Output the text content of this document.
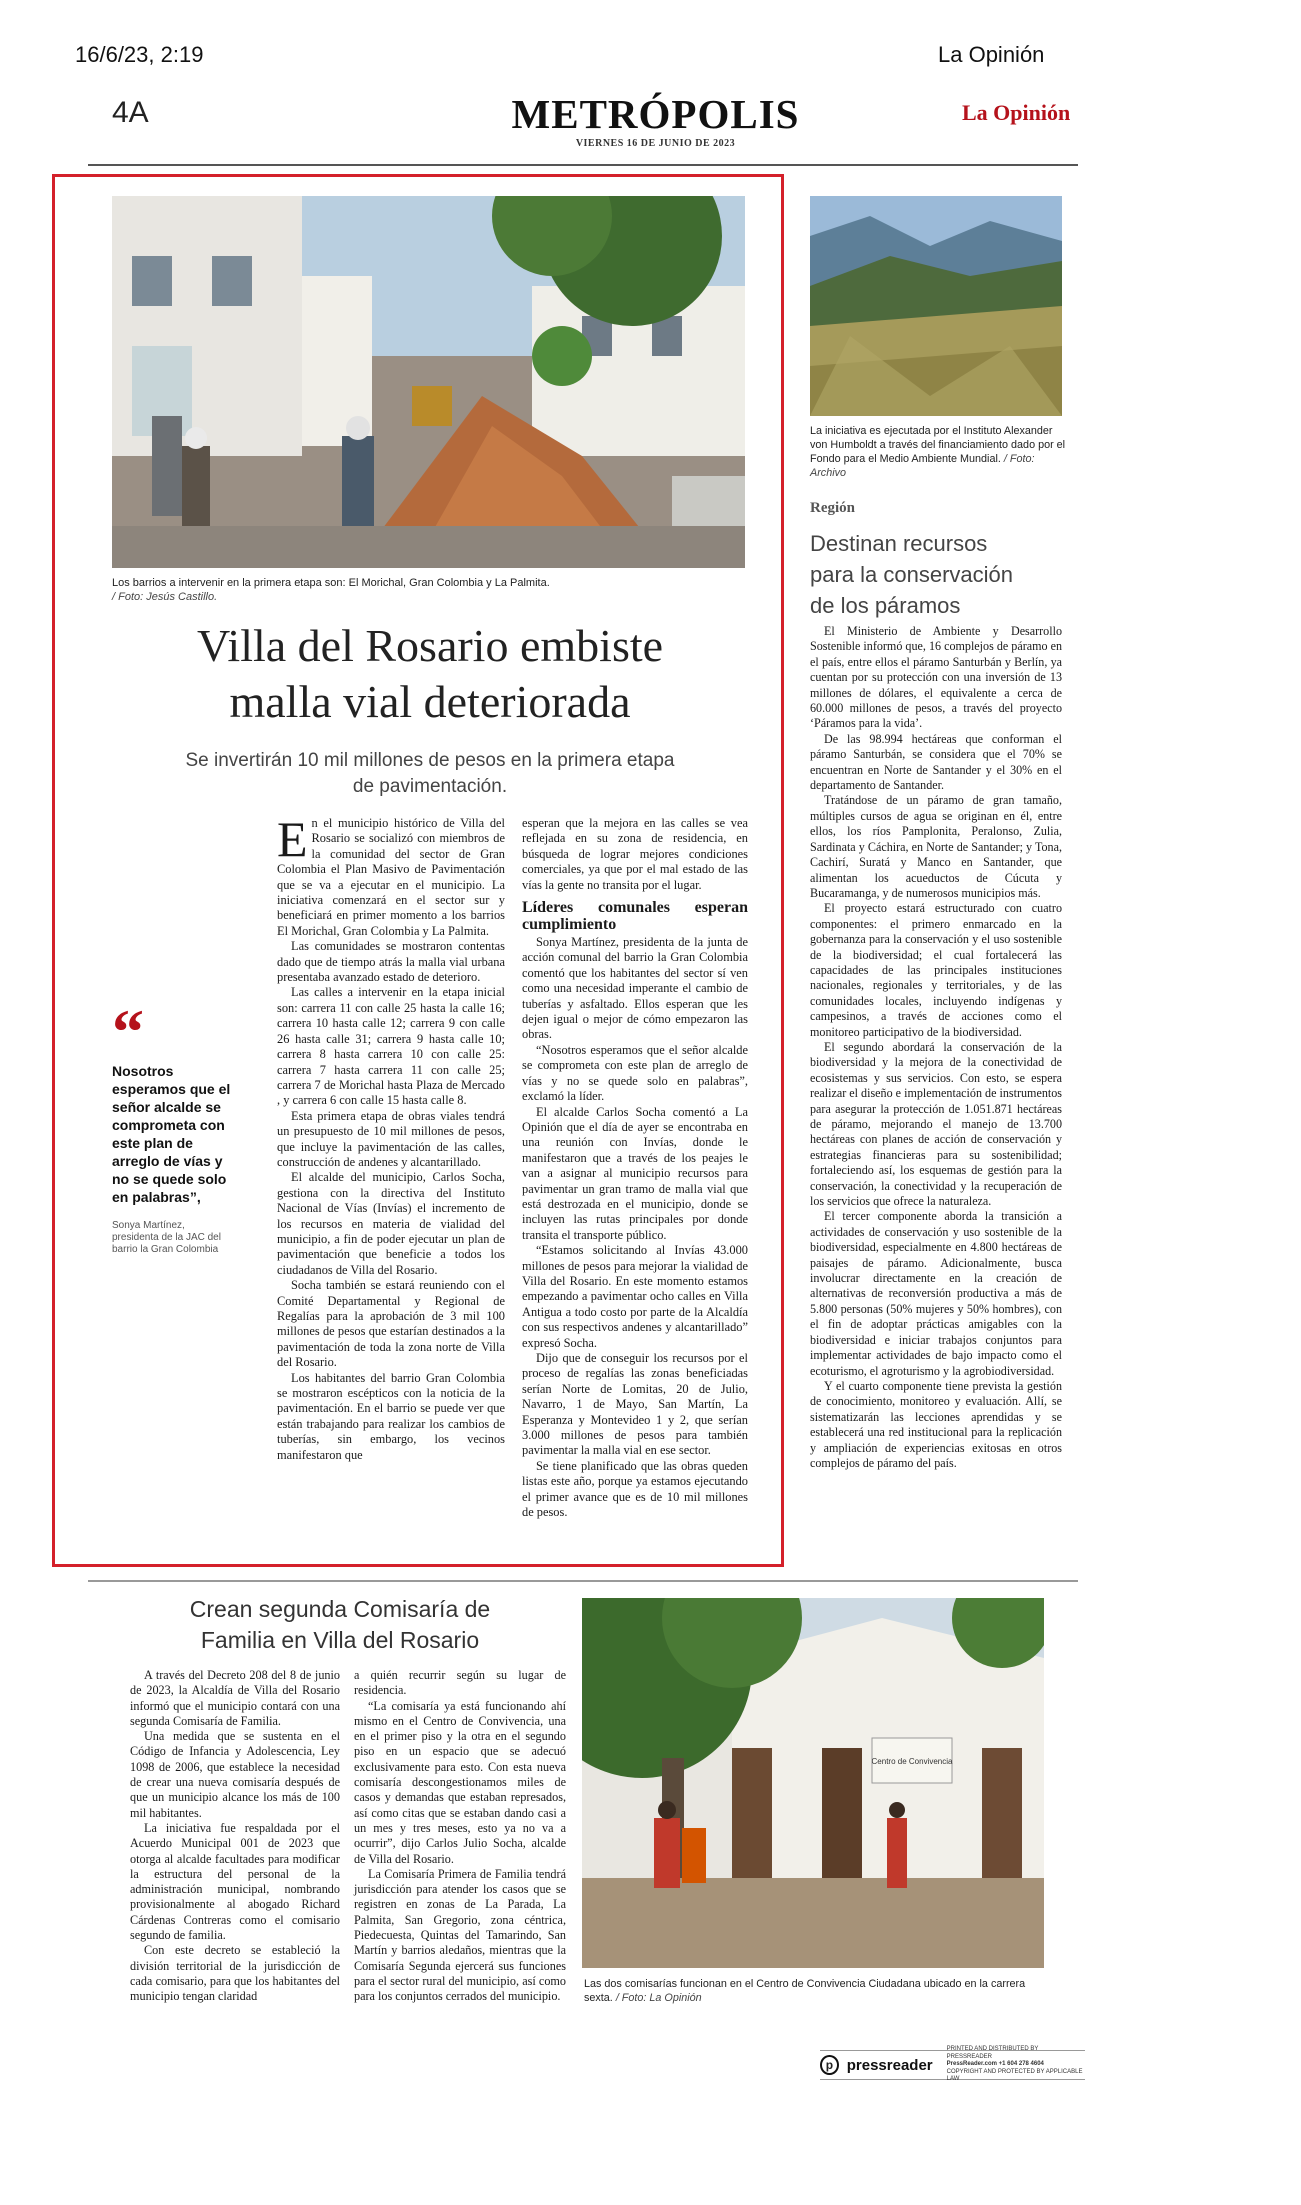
16/6/23, 2:19	La Opinión
4A	METRÓPOLIS
VIERNES 16 DE JUNIO DE 2023
La Opinión
Los barrios a intervenir en la primera etapa son: El Morichal, Gran Colombia y La Palmita.
/ Foto: Jesús Castillo.
Villa del Rosario embiste
malla vial deteriorada
Se invertirán 10 mil millones de pesos en la primera etapa
de pavimentación.
“
Nosotros esperamos que el señor alcalde se comprometa con este plan de arreglo de vías y no se quede solo en palabras”,
Sonya Martínez,
presidenta de la JAC del barrio la Gran Colombia
E n el municipio histórico de Villa del Rosario se socializó con miembros de la comunidad del sector de Gran Colombia el Plan Masivo de Pavimentación que se va a ejecutar en el municipio. La iniciativa comenzará en el sector sur y beneficiará en primer momento a los barrios El Morichal, Gran Colombia y La Palmita.

Las comunidades se mostraron contentas dado que de tiempo atrás la malla vial urbana presentaba avanzado estado de deterioro.

Las calles a intervenir en la etapa inicial son: carrera 11 con calle 25 hasta la calle 16; carrera 10 hasta calle 12; carrera 9 con calle 26 hasta calle 31; carrera 9 hasta calle 10; carrera 8 hasta carrera 10 con calle 25: carrera 7 hasta carrera 11 con calle 25; carrera 7 de Morichal hasta Plaza de Mercado , y carrera 6 con calle 15 hasta calle 8.

Esta primera etapa de obras viales tendrá un presupuesto de 10 mil millones de pesos, que incluye la pavimentación de las calles, construcción de andenes y alcantarillado.

El alcalde del municipio, Carlos Socha, gestiona con la directiva del Instituto Nacional de Vías (Invías) el incremento de los recursos en materia de vialidad del municipio, a fin de poder ejecutar un plan de pavimentación que beneficie a todos los ciudadanos de Villa del Rosario.

Socha también se estará reuniendo con el Comité Departamental y Regional de Regalías para la aprobación de 3 mil 100 millones de pesos que estarían destinados a la pavimentación de toda la zona norte de Villa del Rosario.

Los habitantes del barrio Gran Colombia se mostraron escépticos con la noticia de la pavimentación. En el barrio se puede ver que están trabajando para realizar los cambios de tuberías, sin embargo, los vecinos manifestaron que

esperan que la mejora en las calles se vea reflejada en su zona de residencia, en búsqueda de lograr mejores condiciones comerciales, ya que por el mal estado de las vías la gente no transita por el lugar.

Líderes comunales esperan cumplimiento

Sonya Martínez, presidenta de la junta de acción comunal del barrio la Gran Colombia comentó que los habitantes del sector sí ven como una necesidad imperante el cambio de tuberías y asfaltado. Ellos esperan que les dejen igual o mejor de cómo empezaron las obras.

“Nosotros esperamos que el señor alcalde se comprometa con este plan de arreglo de vías y no se quede solo en palabras”, exclamó la líder.

El alcalde Carlos Socha comentó a La Opinión que el día de ayer se encontraba en una reunión con Invías, donde le manifestaron que a través de los peajes le van a asignar al municipio recursos para pavimentar un gran tramo de malla vial que está destrozada en el municipio, donde se incluyen las rutas principales por donde transita el transporte público.

“Estamos solicitando al Invías 43.000 millones de pesos para mejorar la vialidad de Villa del Rosario. En este momento estamos empezando a pavimentar ocho calles en Villa Antigua a todo costo por parte de la Alcaldía con sus respectivos andenes y alcantarillado” expresó Socha.

Dijo que de conseguir los recursos por el proceso de regalías las zonas beneficiadas serían Norte de Lomitas, 20 de Julio, Navarro, 1 de Mayo, San Martín, La Esperanza y Montevideo 1 y 2, que serían 3.000 millones de pesos para también pavimentar la malla vial en ese sector.

Se tiene planificado que las obras queden listas este año, porque ya estamos ejecutando el primer avance que es de 10 mil millones de pesos.

La iniciativa es ejecutada por el Instituto Alexander von Humboldt a través del financiamiento dado por el Fondo para el Medio Ambiente Mundial. / Foto: Archivo
Región
Destinan recursos
para la conservación
de los páramos

El Ministerio de Ambiente y Desarrollo Sostenible informó que, 16 complejos de páramo en el país, entre ellos el páramo Santurbán y Berlín, ya cuentan por su protección con una inversión de 13 millones de dólares, el equivalente a cerca de 60.000 millones de pesos, a través del proyecto ‘Páramos para la vida’.

De las 98.994 hectáreas que conforman el páramo Santurbán, se considera que el 70% se encuentran en Norte de Santander y el 30% en el departamento de Santander.

Tratándose de un páramo de gran tamaño, múltiples cursos de agua se originan en él, entre ellos, los ríos Pamplonita, Peralonso, Zulia, Sardinata y Cáchira, en Norte de Santander; y Tona, Cachirí, Suratá y Manco en Santander, que alimentan los acueductos de Cúcuta y Bucaramanga, y de numerosos municipios más.

El proyecto estará estructurado con cuatro componentes: el primero enmarcado en la gobernanza para la conservación y el uso sostenible de la biodiversidad; el cual fortalecerá las capacidades de las principales instituciones nacionales, regionales y territoriales, y de las comunidades locales, incluyendo indígenas y campesinos, a través de acciones como el monitoreo participativo de la biodiversidad.

El segundo abordará la conservación de la biodiversidad y la mejora de la conectividad de ecosistemas y sus servicios. Con esto, se espera realizar el diseño e implementación de instrumentos para asegurar la protección de 1.051.871 hectáreas de páramo, mejorando el manejo de 13.700 hectáreas con planes de acción de conservación y estrategias financieras para su sostenibilidad; fortaleciendo así, los esquemas de gestión para la conservación, la conectividad y la recuperación de los servicios que ofrece la naturaleza.

El tercer componente aborda la transición a actividades de conservación y uso sostenible de la biodiversidad, especialmente en 4.800 hectáreas de paisajes de páramo. Adicionalmente, busca involucrar directamente en la creación de alternativas de reconversión productiva a más de 5.800 personas (50% mujeres y 50% hombres), con el fin de adoptar prácticas amigables con la biodiversidad e iniciar trabajos conjuntos para implementar actividades de bajo impacto como el ecoturismo, el agroturismo y la agrobiodiversidad.

Y el cuarto componente tiene prevista la gestión de conocimiento, monitoreo y evaluación. Allí, se sistematizarán las lecciones aprendidas y se establecerá una red institucional para la replicación y ampliación de experiencias exitosas en otros complejos de páramo del país.

Crean segunda Comisaría de
Familia en Villa del Rosario

A través del Decreto 208 del 8 de junio de 2023, la Alcaldía de Villa del Rosario informó que el municipio contará con una segunda Comisaría de Familia.

Una medida que se sustenta en el Código de Infancia y Adolescencia, Ley 1098 de 2006, que establece la necesidad de crear una nueva comisaría después de que un municipio alcance los más de 100 mil habitantes.

La iniciativa fue respaldada por el Acuerdo Municipal 001 de 2023 que otorga al alcalde facultades para modificar la estructura del personal de la administración municipal, nombrando provisionalmente al abogado Richard Cárdenas Contreras como el comisario segundo de familia.

Con este decreto se estableció la división territorial de la jurisdicción de cada comisario, para que los habitantes del municipio tengan claridad

a quién recurrir según su lugar de residencia.

“La comisaría ya está funcionando ahí mismo en el Centro de Convivencia, una en el primer piso y la otra en el segundo piso en un espacio que se adecuó exclusivamente para esto. Con esta nueva comisaría descongestionamos miles de casos y demandas que estaban represados, así como citas que se estaban dando casi a un mes y tres meses, esto ya no va a ocurrir”, dijo Carlos Julio Socha, alcalde de Villa del Rosario.

La Comisaría Primera de Familia tendrá jurisdicción para atender los casos que se registren en zonas de La Parada, La Palmita, San Gregorio, zona céntrica, Piedecuesta, Quintas del Tamarindo, San Martín y barrios aledaños, mientras que la Comisaría Segunda ejercerá sus funciones para el sector rural del municipio, así como para los conjuntos cerrados del municipio.

Centro de Convivencia
Las dos comisarías funcionan en el Centro de Convivencia Ciudadana ubicado en la carrera sexta. / Foto: La Opinión
p pressreader
PRINTED AND DISTRIBUTED BY PRESSREADER
PressReader.com +1 604 278 4604
COPYRIGHT AND PROTECTED BY APPLICABLE LAW
